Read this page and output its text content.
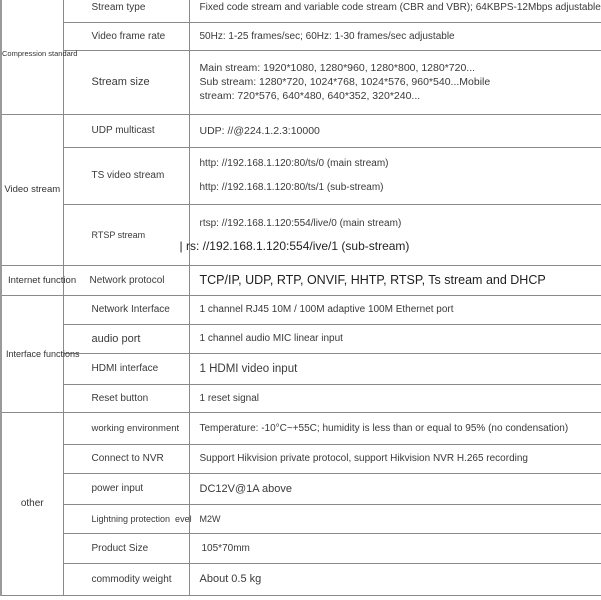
Compression standard	Stream type	Fixed code stream and variable code stream (CBR and VBR); 64KBPS-12Mbps adjustable
	Video frame rate	50Hz: 1-25 frames/sec; 60Hz: 1-30 frames/sec adjustable
	Stream size	Main stream: 1920*1080, 1280*960, 1280*800, 1280*720...
Sub stream: 1280*720, 1024*768, 1024*576, 960*540...Mobile
stream: 720*576, 640*480, 640*352, 320*240...

Video stream	UDP multicast	UDP: //@224.1.2.3:10000
	TS video stream	http: //192.168.1.120:80/ts/0 (main stream)
http: //192.168.1.120:80/ts/1 (sub-stream)

	RTSP stream	rtsp: //192.168.1.120:554/live/0 (main stream)
| rs: //192.168.1.120:554/ive/1 (sub-stream)

Internet function	Network protocol	TCP/IP, UDP, RTP, ONVIF, HHTP, RTSP, Ts stream and DHCP
Interface functions	Network Interface	1 channel RJ45 10M / 100M adaptive 100M Ethernet port
	audio port	1 channel audio MIC linear input
	HDMI interface	1 HDMI video input
	Reset button	1 reset signal
other	working environment	Temperature: -10°C~+55C; humidity is less than or equal to 95% (no condensation)
	Connect to NVR	Support Hikvision private protocol, support Hikvision NVR H.265 recording
	power input	DC12V@1A above
	Lightning protection  evel	M2W
	Product Size	105*70mm
	commodity weight	About 0.5 kg
